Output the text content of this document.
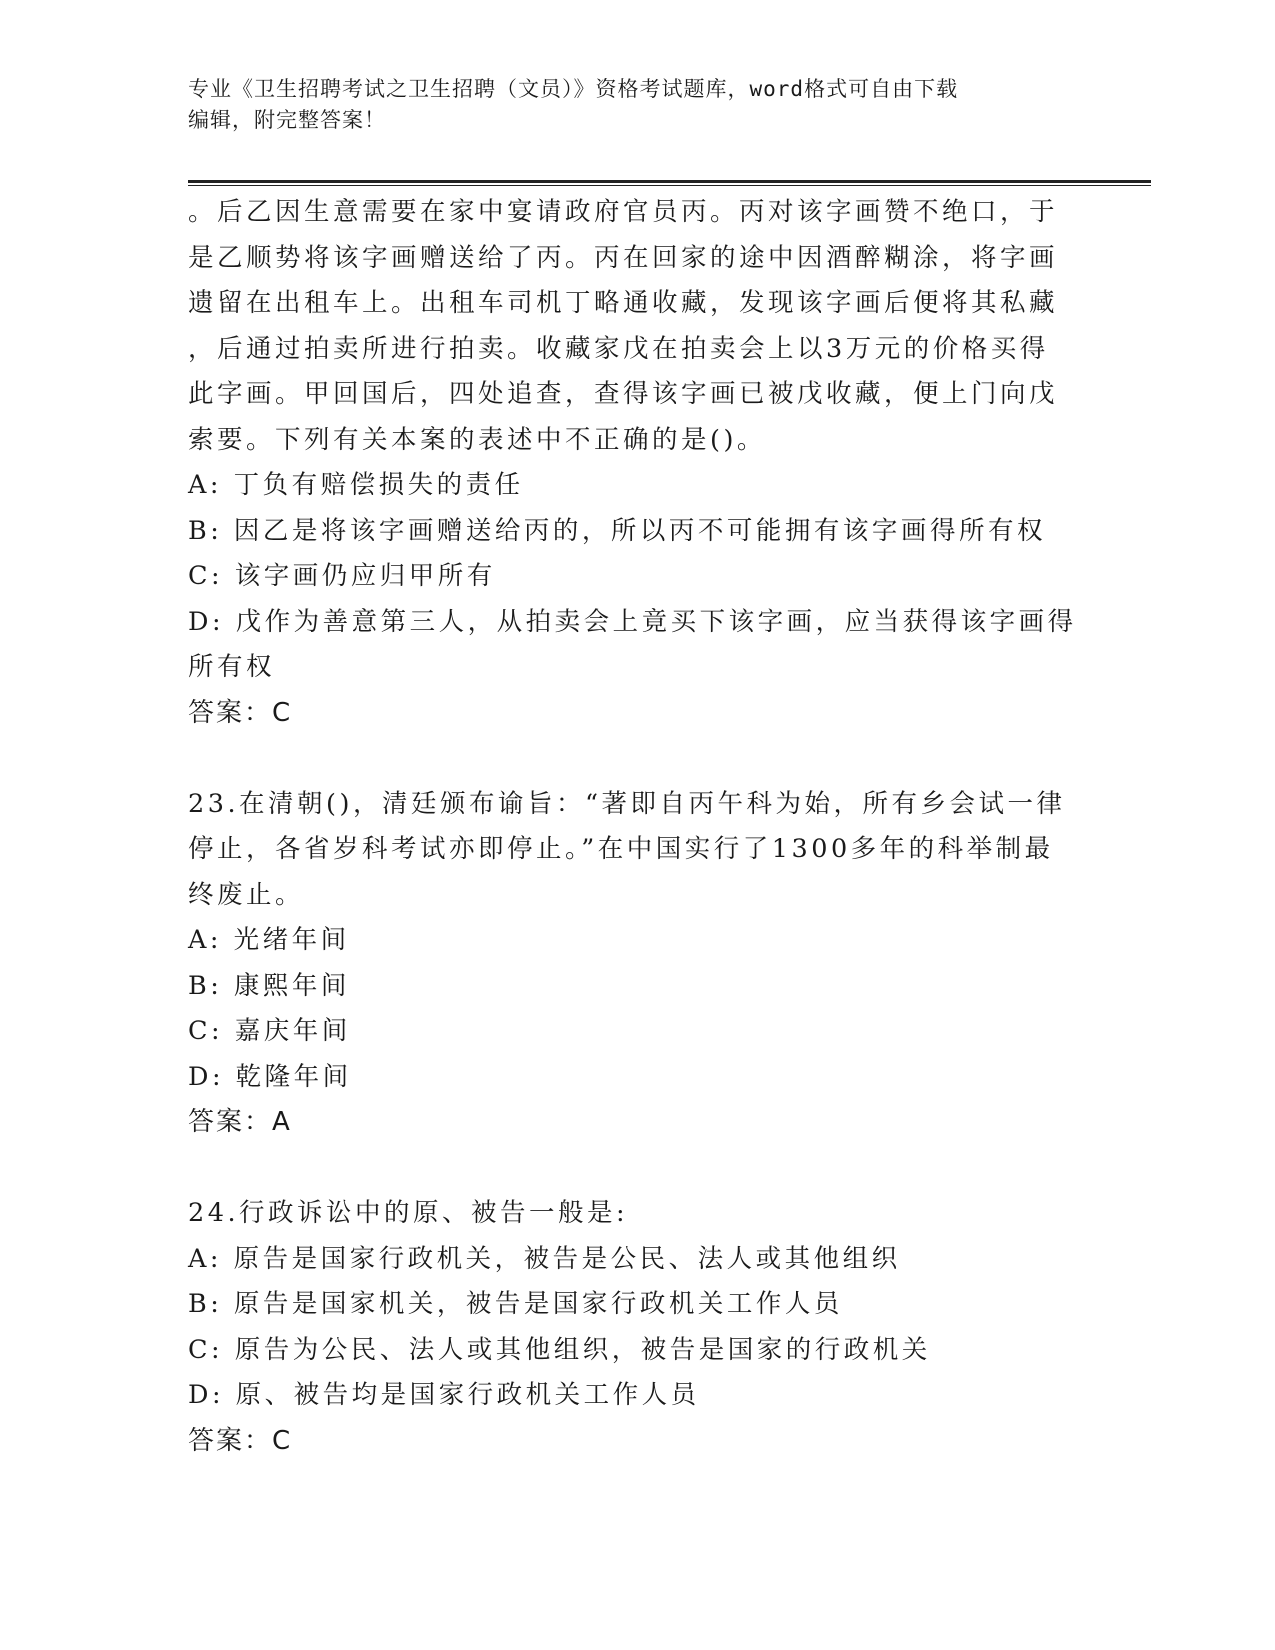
专业《卫生招聘考试之卫生招聘（文员）》资格考试题库，word格式可自由下载
编辑，附完整答案！
。后乙因生意需要在家中宴请政府官员丙。丙对该字画赞不绝口，于
是乙顺势将该字画赠送给了丙。丙在回家的途中因酒醉糊涂，将字画
遗留在出租车上。出租车司机丁略通收藏，发现该字画后便将其私藏
，后通过拍卖所进行拍卖。收藏家戊在拍卖会上以3万元的价格买得
此字画。甲回国后，四处追查，查得该字画已被戊收藏，便上门向戊
索要。下列有关本案的表述中不正确的是()。
A: 丁负有赔偿损失的责任
B: 因乙是将该字画赠送给丙的，所以丙不可能拥有该字画得所有权
C: 该字画仍应归甲所有
D: 戊作为善意第三人，从拍卖会上竟买下该字画，应当获得该字画得
所有权
答案：C
23.在清朝()，清廷颁布谕旨：“著即自丙午科为始，所有乡会试一律
停止，各省岁科考试亦即停止。”在中国实行了1300多年的科举制最
终废止。
A: 光绪年间
B: 康熙年间
C: 嘉庆年间
D: 乾隆年间
答案：A
24.行政诉讼中的原、被告一般是:
A: 原告是国家行政机关，被告是公民、法人或其他组织
B: 原告是国家机关，被告是国家行政机关工作人员
C: 原告为公民、法人或其他组织，被告是国家的行政机关
D: 原、被告均是国家行政机关工作人员
答案：C
